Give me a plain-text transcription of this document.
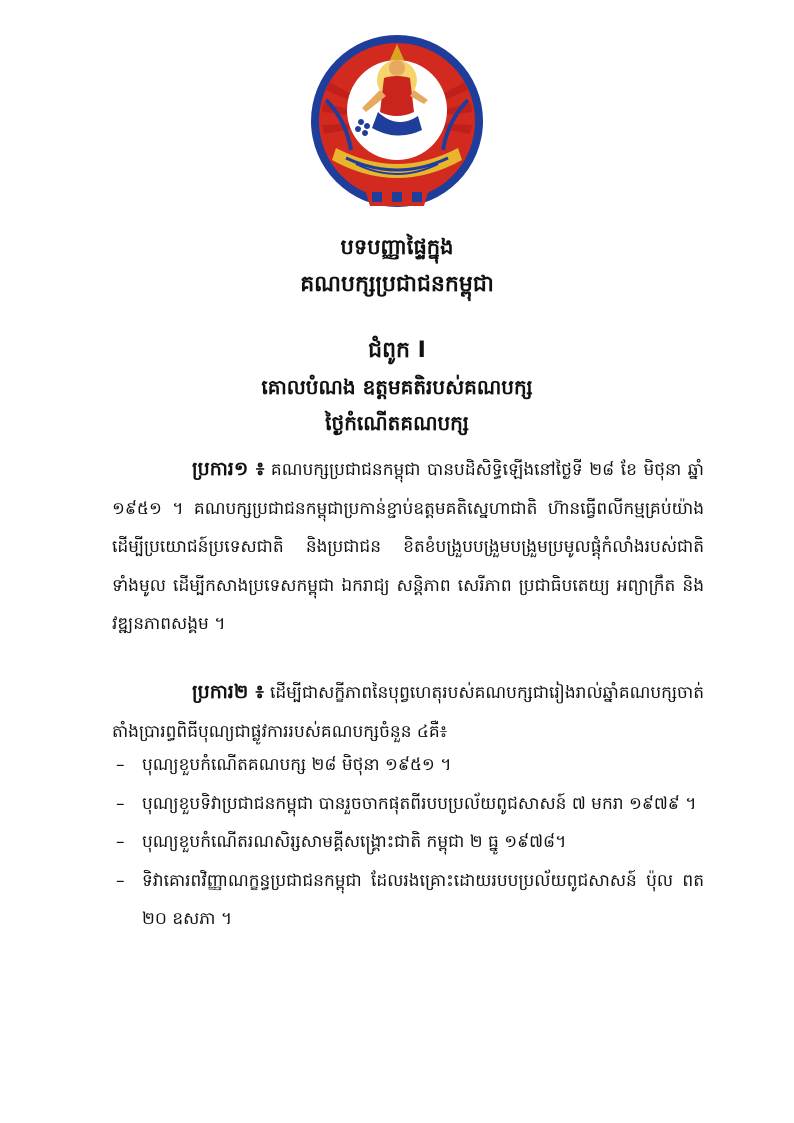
បទបញ្ញាផ្ទៃក្នុង
គណបក្សប្រជាជនកម្ពុជា
ជំពូក I
គោលបំណង ឧត្ដមគតិរបស់គណបក្ស
ថ្ងៃកំណើតគណបក្ស
ប្រការ១ ៖ គណបក្សប្រជាជនកម្ពុជា បានបដិសិទ្ធិឡើងនៅថ្ងៃទី ២៨ ខែ មិថុនា ឆ្នាំ ១៩៥១ ។ គណបក្សប្រជាជនកម្ពុជាប្រកាន់ខ្ជាប់ឧត្តមគតិស្នេហាជាតិ ហ៊ានធ្វើពលីកម្មគ្រប់យ៉ាងដើម្បីប្រយោជន៍ប្រទេសជាតិ និងប្រជាជន ខិតខំបង្រួបបង្រួមបង្រួមប្រមូលផ្តុំកំលាំងរបស់ជាតិទាំងមូល ដើម្បីកសាងប្រទេសកម្ពុជា ឯករាជ្យ សន្តិភាព សេរីភាព ប្រជាធិបតេយ្យ អព្យាក្រឹត និងវឌ្ឍនភាពសង្គម ។
ប្រការ២ ៖ ដើម្បីជាសក្ខីភាពនៃបុព្វហេតុរបស់គណបក្សជារៀងរាល់ឆ្នាំគណបក្សចាត់តាំងប្រារព្ធពិធីបុណ្យជាផ្លូវការរបស់គណបក្សចំនួន ៤គឺ៖
– បុណ្យខួបកំណើតគណបក្ស ២៨ មិថុនា ១៩៥១ ។
– បុណ្យខួបទិវាប្រជាជនកម្ពុជា បានរួចចាកផុតពីរបបប្រល័យពូជសាសន៍ ៧ មករា ១៩៧៩ ។
– បុណ្យខួបកំណើតរណសិរ្សសាមគ្គីសង្គ្រោះជាតិ កម្ពុជា ២ ធ្នូ ១៩៧៨។
– ទិវាគោរពវិញ្ញាណក្ខន្ធប្រជាជនកម្ពុជា ដែលរងគ្រោះដោយរបបប្រល័យពូជសាសន៍ ប៉ុល ពត ២០ ឧសភា ។
